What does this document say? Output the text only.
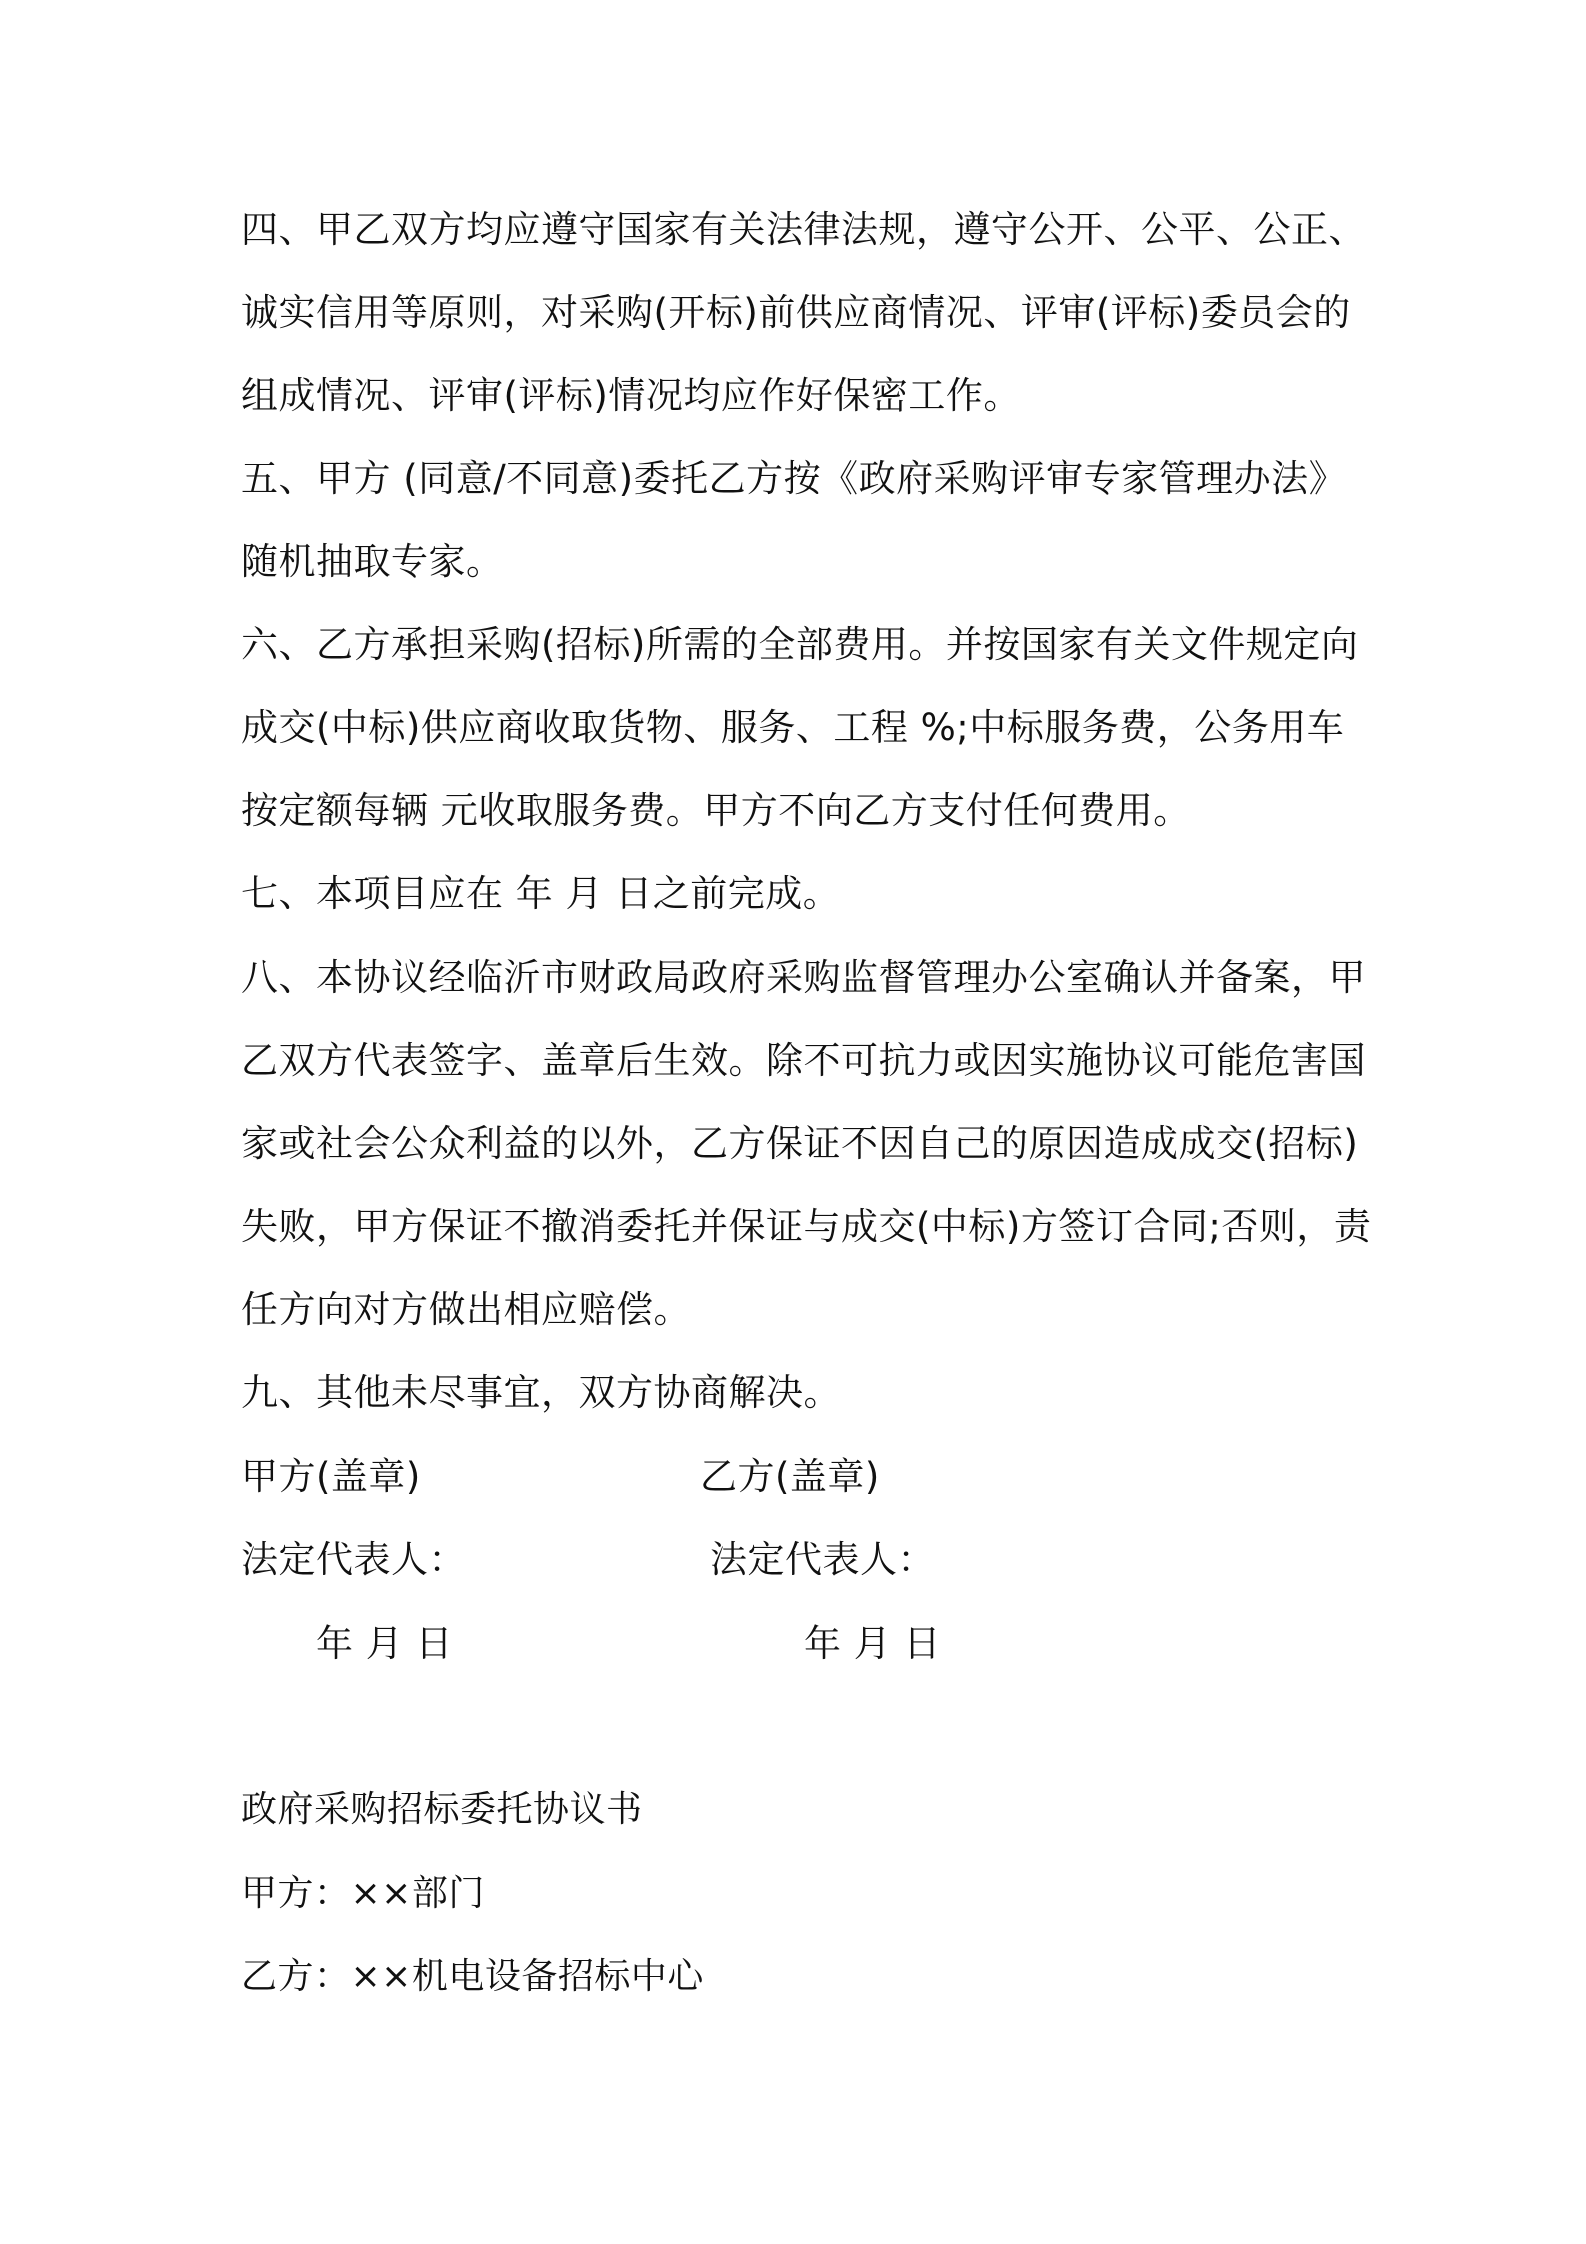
四、甲乙双方均应遵守国家有关法律法规，遵守公开、公平、公正、
诚实信用等原则，对采购(开标)前供应商情况、评审(评标)委员会的
组成情况、评审(评标)情况均应作好保密工作。
五、甲方 (同意/不同意)委托乙方按《政府采购评审专家管理办法》
随机抽取专家。
六、乙方承担采购(招标)所需的全部费用。并按国家有关文件规定向
成交(中标)供应商收取货物、服务、工程 %;中标服务费，公务用车
按定额每辆 元收取服务费。甲方不向乙方支付任何费用。
七、本项目应在 年 月 日之前完成。
八、本协议经临沂市财政局政府采购监督管理办公室确认并备案，甲
乙双方代表签字、盖章后生效。除不可抗力或因实施协议可能危害国
家或社会公众利益的以外，乙方保证不因自己的原因造成成交(招标)
失败，甲方保证不撤消委托并保证与成交(中标)方签订合同;否则，责
任方向对方做出相应赔偿。
九、其他未尽事宜，双方协商解决。
甲方(盖章)	乙方(盖章)
法定代表人：	法定代表人：
年 月 日	年 月 日
政府采购招标委托协议书
甲方：××部门
乙方：××机电设备招标中心
